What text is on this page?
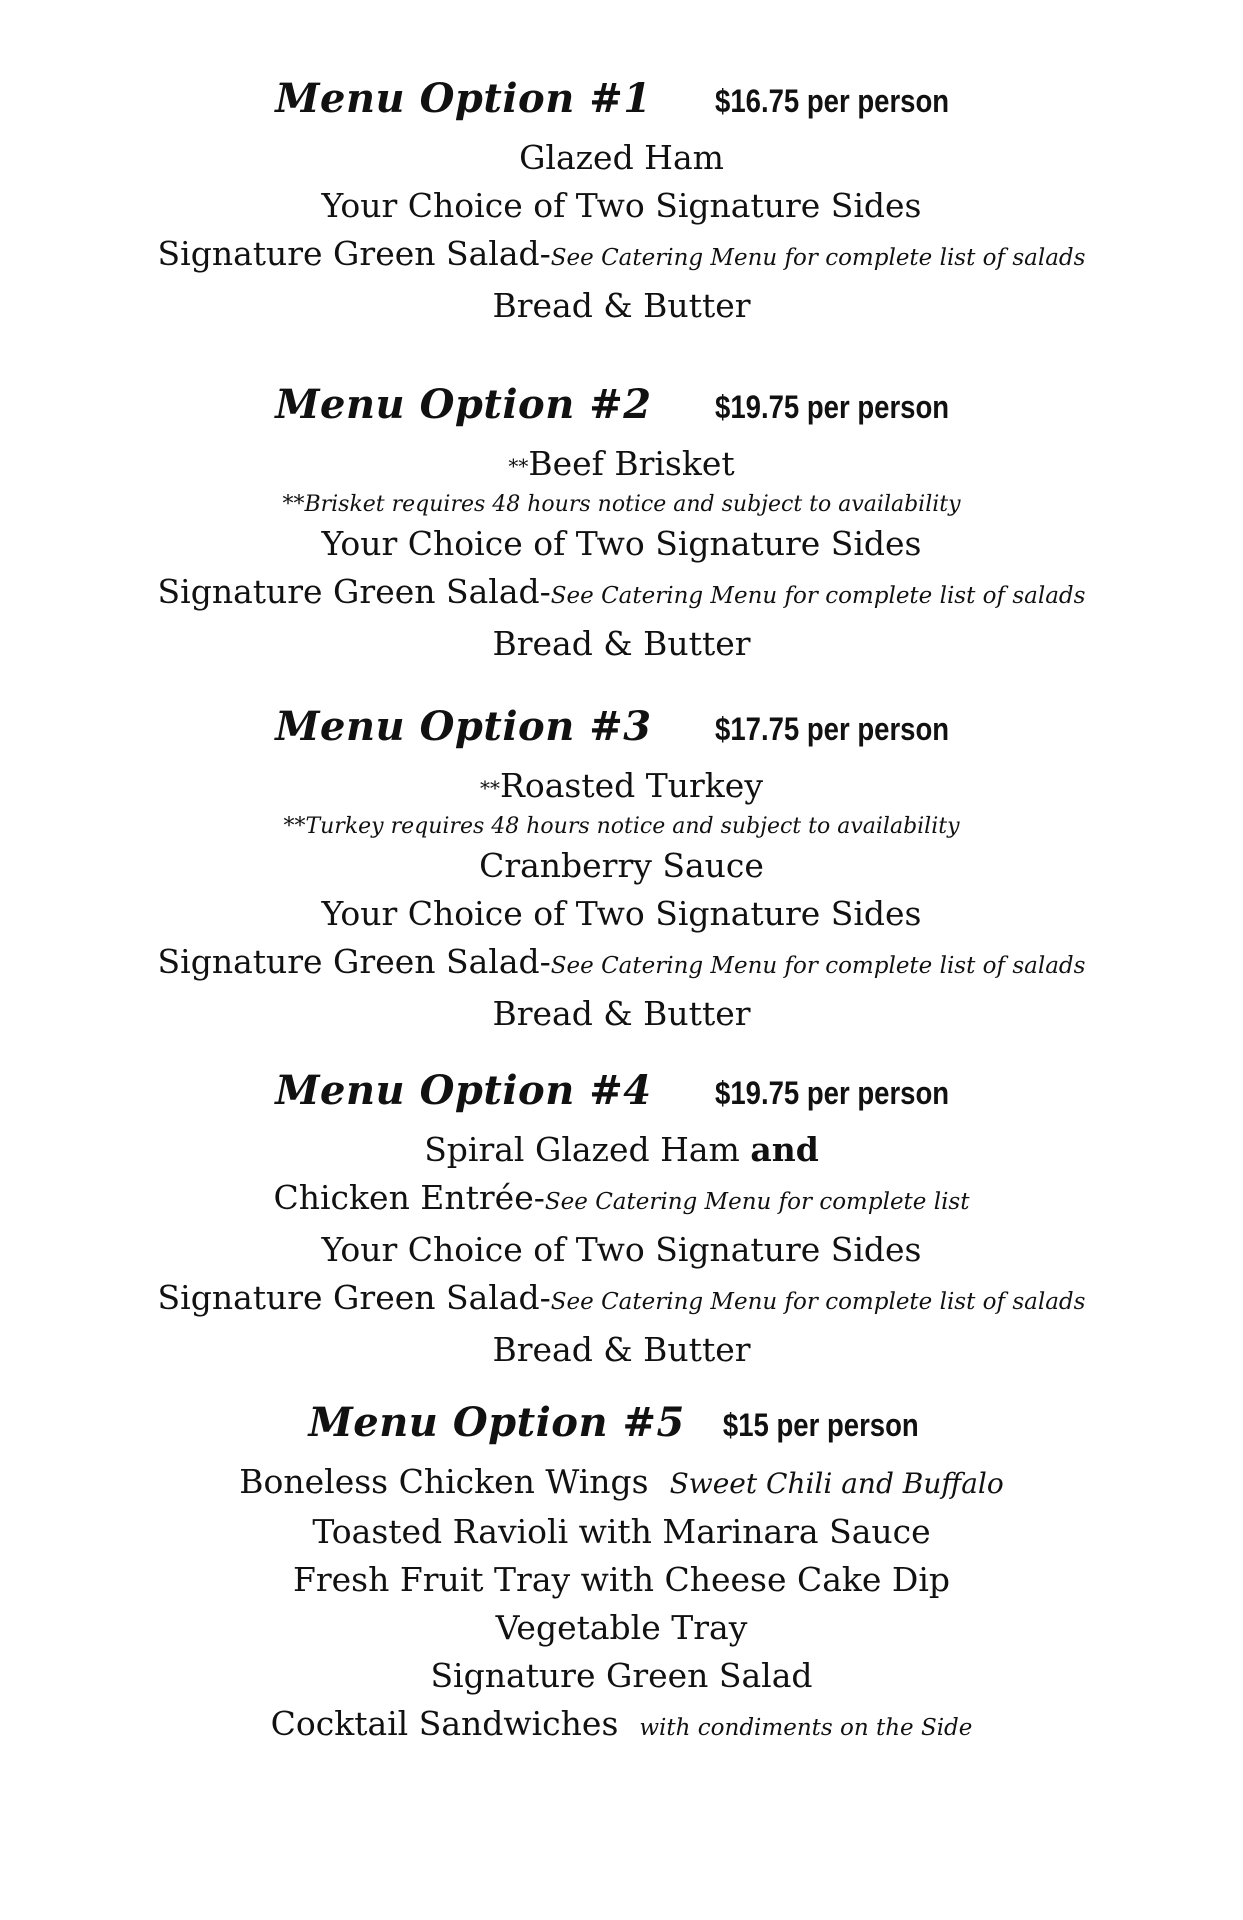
Menu Option #1 $16.75 per person
Glazed Ham
Your Choice of Two Signature Sides
Signature Green Salad-See Catering Menu for complete list of salads
Bread & Butter
Menu Option #2 $19.75 per person
**Beef Brisket
**Brisket requires 48 hours notice and subject to availability
Your Choice of Two Signature Sides
Signature Green Salad-See Catering Menu for complete list of salads
Bread & Butter
Menu Option #3 $17.75 per person
**Roasted Turkey
**Turkey requires 48 hours notice and subject to availability
Cranberry Sauce
Your Choice of Two Signature Sides
Signature Green Salad-See Catering Menu for complete list of salads
Bread & Butter
Menu Option #4 $19.75 per person
Spiral Glazed Ham and
Chicken Entrée-See Catering Menu for complete list
Your Choice of Two Signature Sides
Signature Green Salad-See Catering Menu for complete list of salads
Bread & Butter
Menu Option #5 $15 per person
Boneless Chicken Wings Sweet Chili and Buffalo
Toasted Ravioli with Marinara Sauce
Fresh Fruit Tray with Cheese Cake Dip
Vegetable Tray
Signature Green Salad
Cocktail Sandwiches with condiments on the Side
